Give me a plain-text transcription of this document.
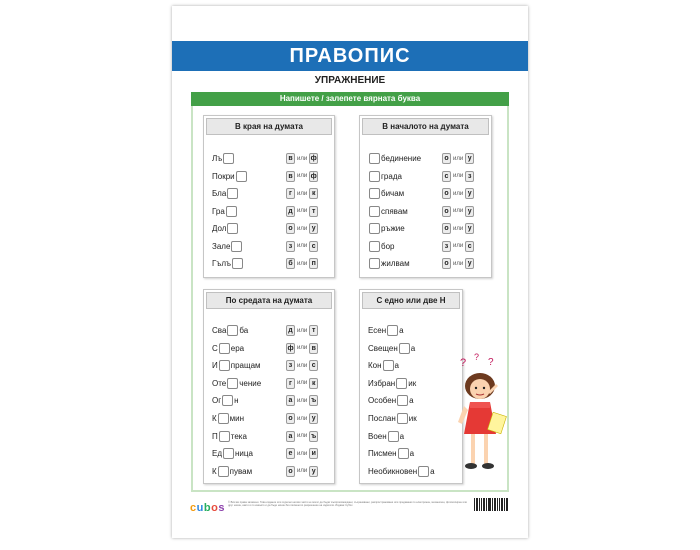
ПРАВОПИС
УПРАЖНЕНИЕ
Напишете / залепете вярната буква
В края на думата
Лъ	в или ф
Покри	в или ф
Бла	г или к
Гра	д или т
Дол	о или у
Зале	з или с
Гълъ	б или п
В началото на думата
бединение	о или у
града	с или з
бичам	о или у
спявам	о или у
ръжие	о или у
бор	з или с
жилвам	о или у
По средата на думата
Сва ба	д или т
С ера	ф или в
И пращам	з или с
Оте чение	г или к
Ог н	а или ъ
К мин	о или у
П тека	а или ъ
Ед ница	е или и
К пувам	о или у
С едно или две Н
Есен а
Свещен а
Кон а
Избран ик
Особен а
Послан ик
Воен а
Писмен а
Необикновен а
? ? ?
cubos © Всички права запазени. Това издание или отделни негови части не могат да бъдат възпроизвеждани, съхранявани, разпространявани или предавани по електронен, механичен, фотокопирен или друг начин, както и по какъвто и да бъде начин без писменото разрешение на издателя. Издава: Кубос.
